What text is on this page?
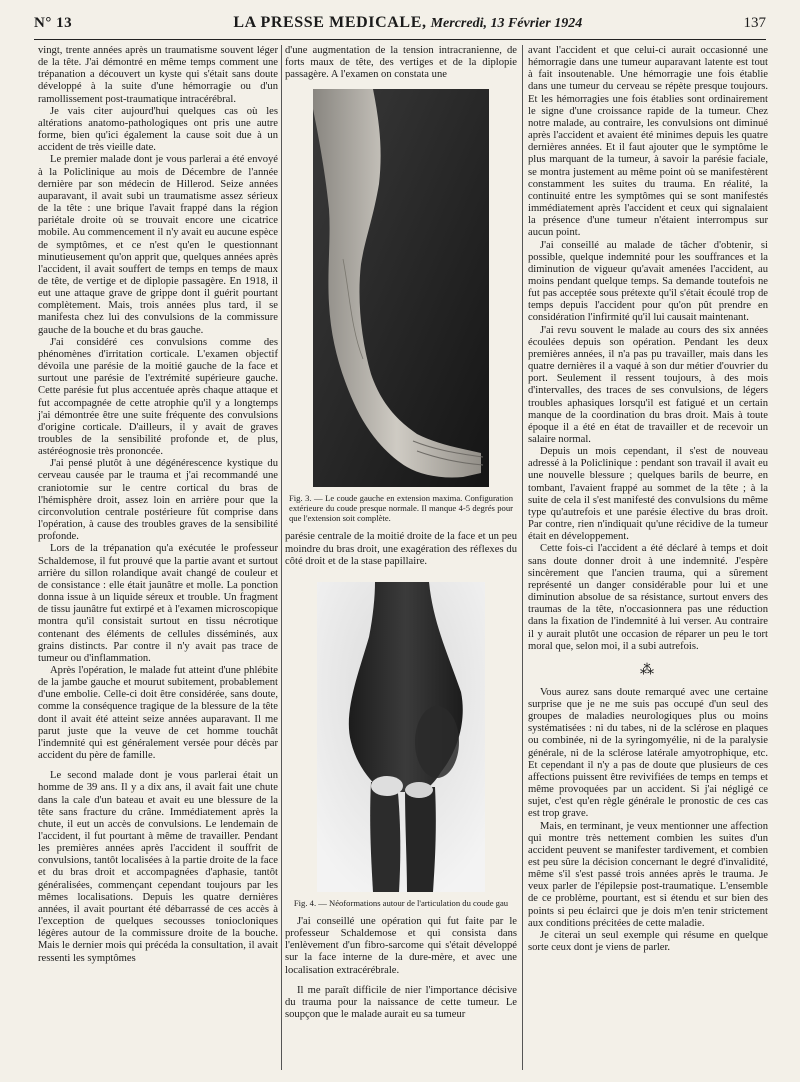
N° 13	LA PRESSE MEDICALE, Mercredi, 13 Février 1924	137

vingt, trente années après un traumatisme souvent léger de la tête. J'ai démontré en même temps comment une trépanation a découvert un kyste qui s'était sans doute développé à la suite d'une hémorragie ou d'un ramollissement post-traumatique intracérébral.

Je vais citer aujourd'hui quelques cas où les altérations anatomo-pathologiques ont pris une autre forme, bien qu'ici également la cause soit due à un accident de très vieille date.

Le premier malade dont je vous parlerai a été envoyé à la Policlinique au mois de Décembre de l'année dernière par son médecin de Hillerod. Seize années auparavant, il avait subi un traumatisme assez sérieux de la tête : une brique l'avait frappé dans la région pariétale droite où se trouvait encore une cicatrice mobile. Au commencement il n'y avait eu aucune espèce de symptômes, et ce n'est qu'en le questionnant minutieusement qu'on apprit que, quelques années après l'accident, il avait souffert de temps en temps de maux de tête, de vertige et de diplopie passagère. En 1918, il eut une attaque grave de grippe dont il guérit pourtant complètement. Mais, trois années plus tard, il se manifesta chez lui des convulsions de la commissure gauche de la bouche et du bras gauche.

J'ai considéré ces convulsions comme des phénomènes d'irritation corticale. L'examen objectif dévoila une parésie de la moitié gauche de la face et surtout une parésie de l'extrémité supérieure gauche. Cette parésie fut plus accentuée après chaque attaque et fut accompagnée de cette atrophie qu'il y a longtemps j'ai démontrée être une suite fréquente des convulsions d'origine corticale. D'ailleurs, il y avait de graves troubles de la sensibilité profonde et, de plus, astéréognosie très prononcée.

J'ai pensé plutôt à une dégénérescence kystique du cerveau causée par le trauma et j'ai recommandé une craniotomie sur le centre cortical du bras de l'hémisphère droit, assez loin en arrière pour que la circonvolution centrale postérieure fût comprise dans l'opération, à cause des troubles graves de la sensibilité profonde.

Lors de la trépanation qu'a exécutée le professeur Schaldemose, il fut prouvé que la partie avant et surtout arrière du sillon rolandique avait changé de couleur et de consistance : elle était jaunâtre et molle. La ponction donna issue à un liquide séreux et trouble. Un fragment de tissu jaunâtre fut extirpé et à l'examen microscopique montra qu'il consistait surtout en tissu nécrotique contenant des éléments de cellules disséminés, aux grains distincts. Par contre il n'y avait pas trace de tumeur ou d'inflammation.

Après l'opération, le malade fut atteint d'une phlébite de la jambe gauche et mourut subitement, probablement d'une embolie. Celle-ci doit être considérée, sans doute, comme la conséquence tragique de la blessure de la tête dont il avait été atteint seize années auparavant. Il me parut juste que la veuve de cet homme touchât l'indemnité qui est généralement versée pour décès par accident du père de famille.

Le second malade dont je vous parlerai était un homme de 39 ans. Il y a dix ans, il avait fait une chute dans la cale d'un bateau et avait eu une blessure de la tête sans fracture du crâne. Immédiatement après la chute, il eut un accès de convulsions. Le lendemain de l'accident, il fut pourtant à même de travailler. Pendant les premières années après l'accident il souffrit de convulsions, tantôt localisées à la partie droite de la face et du bras droit et accompagnées d'aphasie, tantôt généralisées, commençant cependant toujours par les mêmes localisations. Depuis les quatre dernières années, il avait pourtant été débarrassé de ces accès à l'exception de quelques secousses toniocloniques légères autour de la commissure droite de la bouche. Mais le dernier mois qui précéda la consultation, il avait ressenti les symptômes

d'une augmentation de la tension intracranienne, de forts maux de tête, des vertiges et de la diplopie passagère. A l'examen on constata une

Fig. 3. — Le coude gauche en extension maxima. Configuration extérieure du coude presque normale. Il manque 4-5 degrés pour que l'extension soit complète.

parésie centrale de la moitié droite de la face et un peu moindre du bras droit, une exagération des réflexes du côté droit et de la stase papillaire.

Fig. 4. — Néoformations autour de l'articulation du coude gau

J'ai conseillé une opération qui fut faite par le professeur Schaldemose et qui consista dans l'enlèvement d'un fibro-sarcome qui s'était développé sur la face interne de la dure-mère, et avec une localisation extracérébrale.

Il me paraît difficile de nier l'importance décisive du trauma pour la naissance de cette tumeur. Le soupçon que le malade aurait eu sa tumeur

avant l'accident et que celui-ci aurait occasionné une hémorragie dans une tumeur auparavant latente est tout à fait insoutenable. Une hémorragie une fois établie dans une tumeur du cerveau se répète presque toujours. Et les hémorragies une fois établies sont ordinairement le signe d'une croissance rapide de la tumeur. Chez notre malade, au contraire, les convulsions ont diminué après l'accident et avaient été minimes depuis les quatre dernières années. Et il faut ajouter que le symptôme le plus marquant de la tumeur, à savoir la parésie faciale, se montra justement au même point où se manifestèrent constamment les suites du trauma. En réalité, la continuité entre les symptômes qui se sont manifestés immédiatement après l'accident et ceux qui signalaient la présence d'une tumeur n'étaient interrompus sur aucun point.

J'ai conseillé au malade de tâcher d'obtenir, si possible, quelque indemnité pour les souffrances et la diminution de vigueur qu'avait amenées l'accident, au moins pendant quelque temps. Sa demande toutefois ne fut pas acceptée sous prétexte qu'il s'était écoulé trop de temps depuis l'accident pour qu'on pût prendre en considération l'infirmité qu'il lui causait maintenant.

J'ai revu souvent le malade au cours des six années écoulées depuis son opération. Pendant les deux premières années, il n'a pas pu travailler, mais dans les quatre dernières il a vaqué à son dur métier d'ouvrier du port. Seulement il ressent toujours, à des mois d'intervalles, des traces de ses convulsions, de légers troubles aphasiques lorsqu'il est fatigué et un certain manque de la coordination du bras droit. Mais à toute époque il a été en état de travailler et de recevoir un salaire normal.

Depuis un mois cependant, il s'est de nouveau adressé à la Policlinique : pendant son travail il avait eu une nouvelle blessure ; quelques barils de beurre, en tombant, l'avaient frappé au sommet de la tête ; à la suite de cela il s'est manifesté des convulsions du même type qu'autrefois et une parésie élective du bras droit. Par contre, rien n'indiquait qu'une récidive de la tumeur était en développement.

Cette fois-ci l'accident a été déclaré à temps et doit sans doute donner droit à une indemnité. J'espère sincèrement que l'ancien trauma, qui a sûrement représenté un danger considérable pour lui et une diminution absolue de sa résistance, surtout envers des traumas de la tête, n'occasionnera pas une réduction dans la fixation de l'indemnité à lui verser. Au contraire il y aurait plutôt une occasion de réparer un peu le tort moral que, selon moi, il a subi autrefois.

⁂

Vous aurez sans doute remarqué avec une certaine surprise que je ne me suis pas occupé d'un seul des groupes de maladies neurologiques plus ou moins systématisées : ni du tabes, ni de la sclérose en plaques ou combinée, ni de la syringomyélie, ni de la paralysie générale, ni de la sclérose latérale amyotrophique, etc. Et cependant il n'y a pas de doute que plusieurs de ces affections puissent être revivifiées de temps en temps et même provoquées par un accident. Si j'ai négligé ce sujet, c'est qu'en règle générale le pronostic de ces cas est trop grave.

Mais, en terminant, je veux mentionner une affection qui montre très nettement combien les suites d'un accident peuvent se manifester tardivement, et combien est peu sûre la décision concernant le degré d'invalidité, même s'il s'est passé trois années après le trauma. Je veux parler de l'épilepsie post-traumatique. L'ensemble de ce problème, pourtant, est si étendu et sur bien des points si peu éclairci que je dois m'en tenir strictement aux conditions précitées de cette maladie.

Je citerai un seul exemple qui résume en quelque sorte ceux dont je viens de parler.
